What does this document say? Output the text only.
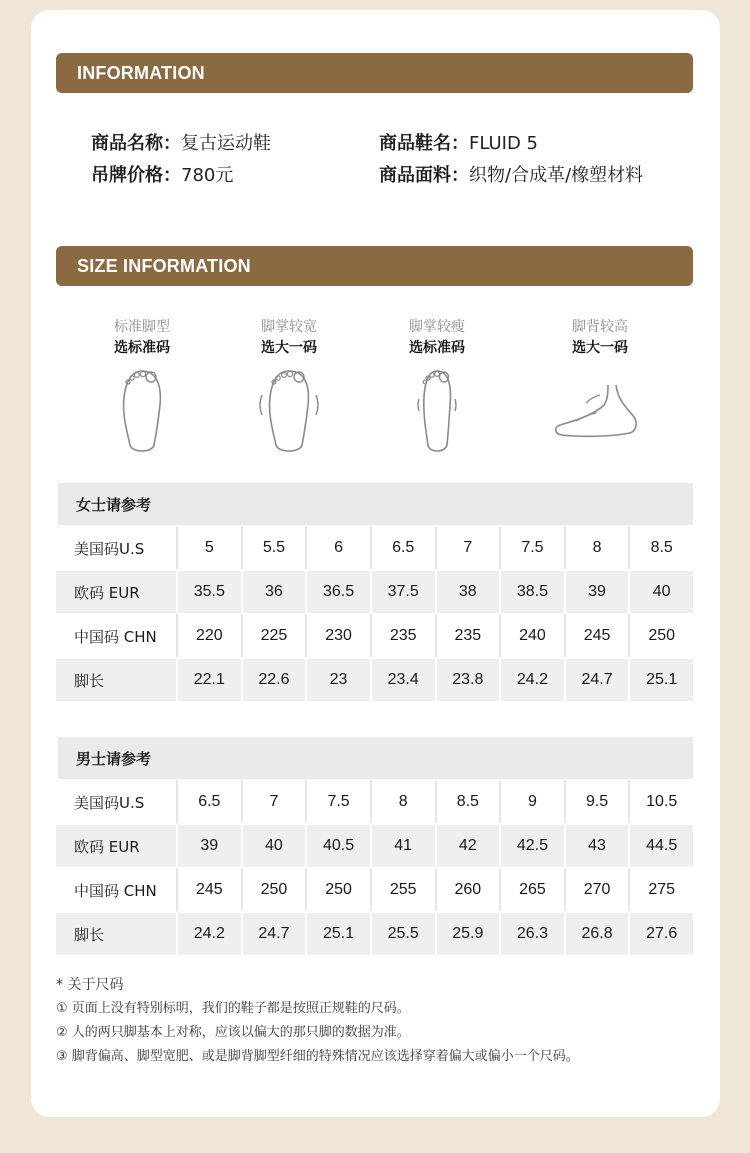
INFORMATION
商品名称：复古运动鞋
吊牌价格：780元
商品鞋名：FLUID 5
商品面料：织物/合成革/橡塑材料
SIZE INFORMATION
标准脚型
选标准码
脚掌较宽
选大一码
脚掌较瘦
选标准码
脚背较高
选大一码
女士请参考								
美国码U.S	5	5.5	6	6.5	7	7.5	8	8.5
欧码 EUR	35.5	36	36.5	37.5	38	38.5	39	40
中国码 CHN	220	225	230	235	235	240	245	250
脚长	22.1	22.6	23	23.4	23.8	24.2	24.7	25.1
男士请参考								
美国码U.S	6.5	7	7.5	8	8.5	9	9.5	10.5
欧码 EUR	39	40	40.5	41	42	42.5	43	44.5
中国码 CHN	245	250	250	255	260	265	270	275
脚长	24.2	24.7	25.1	25.5	25.9	26.3	26.8	27.6
* 关于尺码
① 页面上没有特别标明，我们的鞋子都是按照正规鞋的尺码。
② 人的两只脚基本上对称，应该以偏大的那只脚的数据为准。
③ 脚背偏高、脚型宽肥、或是脚背脚型纤细的特殊情况应该选择穿着偏大或偏小一个尺码。
